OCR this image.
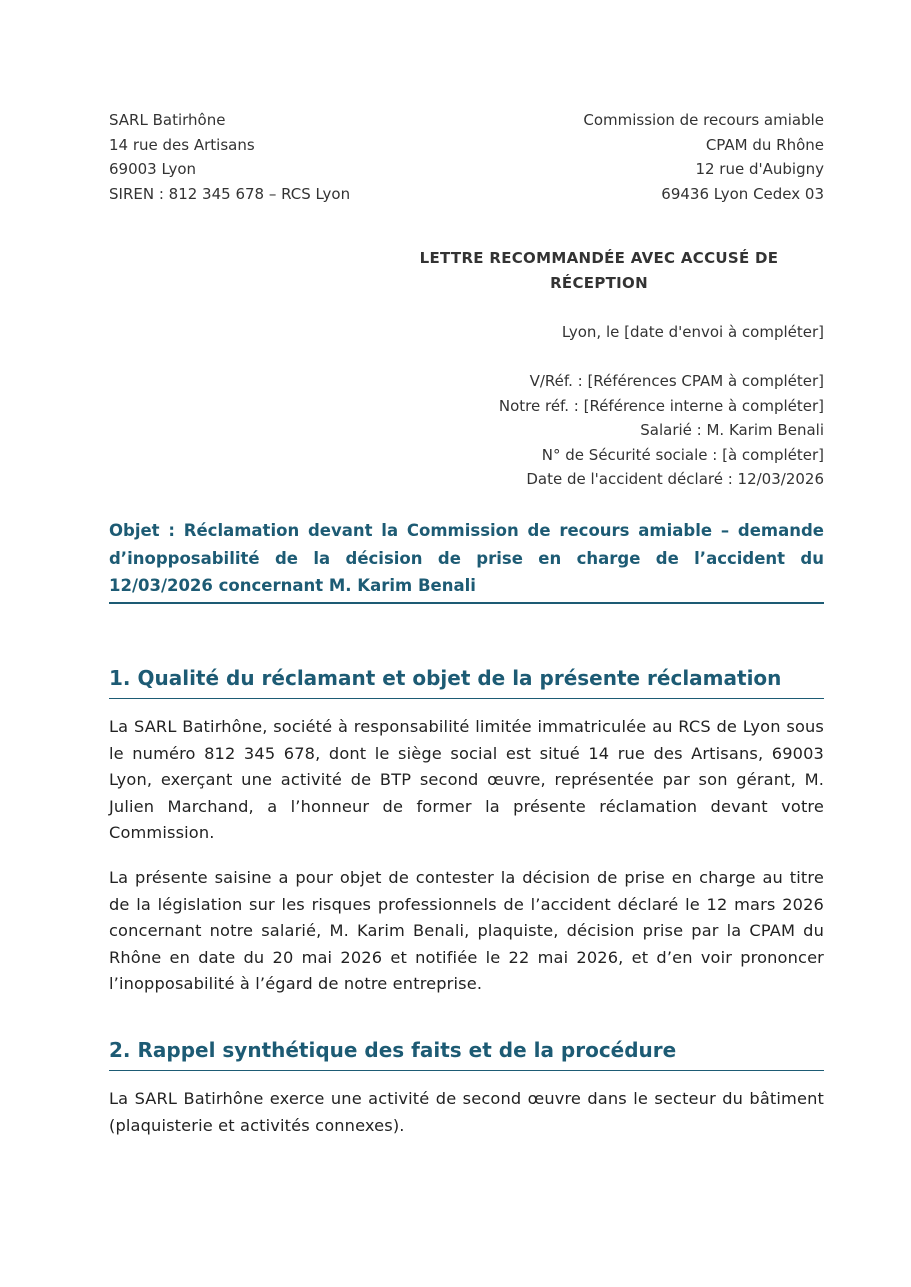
SARL Batirhône
14 rue des Artisans
69003 Lyon
SIREN : 812 345 678 – RCS Lyon
Commission de recours amiable
CPAM du Rhône
12 rue d'Aubigny
69436 Lyon Cedex 03
LETTRE RECOMMANDÉE AVEC ACCUSÉ DE RÉCEPTION
Lyon, le [date d'envoi à compléter]
V/Réf. : [Références CPAM à compléter]
Notre réf. : [Référence interne à compléter]
Salarié : M. Karim Benali
N° de Sécurité sociale : [à compléter]
Date de l'accident déclaré : 12/03/2026
Objet : Réclamation devant la Commission de recours amiable – demande d’inopposabilité de la décision de prise en charge de l’accident du 12/03/2026 concernant M. Karim Benali
1. Qualité du réclamant et objet de la présente réclamation
La SARL Batirhône, société à responsabilité limitée immatriculée au RCS de Lyon sous le numéro 812 345 678, dont le siège social est situé 14 rue des Artisans, 69003 Lyon, exerçant une activité de BTP second œuvre, représentée par son gérant, M. Julien Marchand, a l’honneur de former la présente réclamation devant votre Commission.
La présente saisine a pour objet de contester la décision de prise en charge au titre de la législation sur les risques professionnels de l’accident déclaré le 12 mars 2026 concernant notre salarié, M. Karim Benali, plaquiste, décision prise par la CPAM du Rhône en date du 20 mai 2026 et notifiée le 22 mai 2026, et d’en voir prononcer l’inopposabilité à l’égard de notre entreprise.
2. Rappel synthétique des faits et de la procédure
La SARL Batirhône exerce une activité de second œuvre dans le secteur du bâtiment (plaquisterie et activités connexes).
